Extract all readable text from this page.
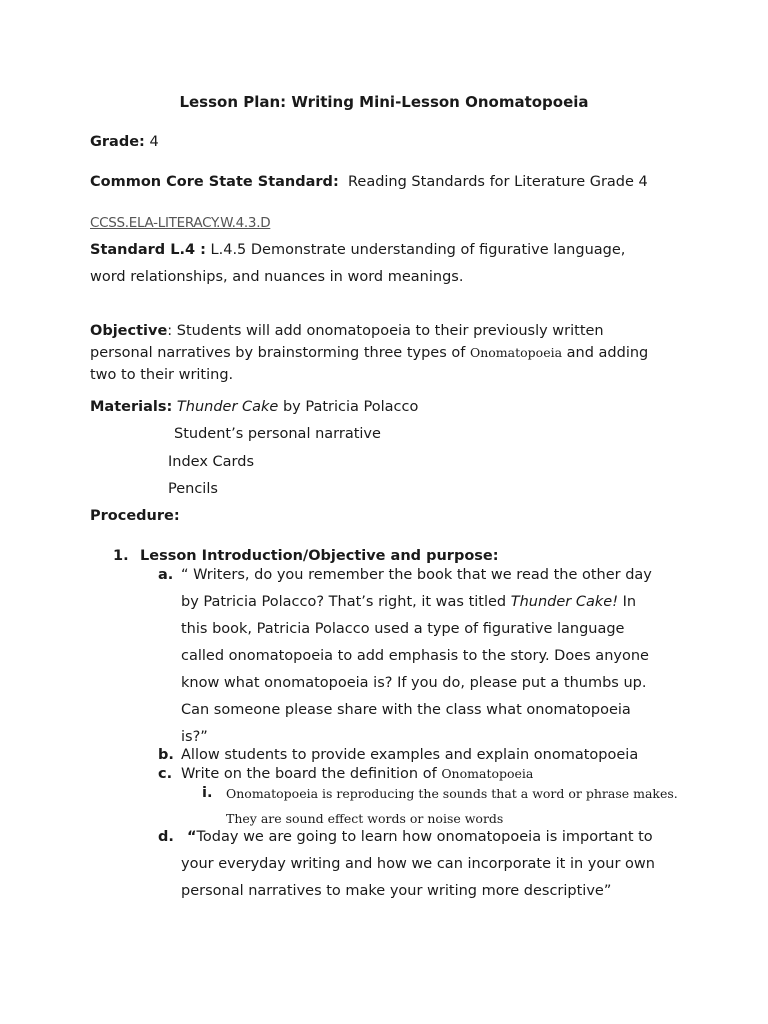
Lesson Plan: Writing Mini-Lesson Onomatopoeia
Grade: 4
Common Core State Standard: Reading Standards for Literature Grade 4
CCSS.ELA-LITERACY.W.4.3.D
Standard L.4 : L.4.5 Demonstrate understanding of figurative language,
word relationships, and nuances in word meanings.
Objective: Students will add onomatopoeia to their previously written
personal narratives by brainstorming three types of Onomatopoeia and adding
two to their writing.
Materials: Thunder Cake by Patricia Polacco
Student’s personal narrative
Index Cards
Pencils
Procedure:
1. Lesson Introduction/Objective and purpose:
a. “ Writers, do you remember the book that we read the other day
by Patricia Polacco? That’s right, it was titled Thunder Cake! In
this book, Patricia Polacco used a type of figurative language
called onomatopoeia to add emphasis to the story. Does anyone
know what onomatopoeia is? If you do, please put a thumbs up.
Can someone please share with the class what onomatopoeia
is?”
b. Allow students to provide examples and explain onomatopoeia
c. Write on the board the definition of Onomatopoeia
i. Onomatopoeia is reproducing the sounds that a word or phrase makes.
They are sound effect words or noise words
d. “Today we are going to learn how onomatopoeia is important to
your everyday writing and how we can incorporate it in your own
personal narratives to make your writing more descriptive”
